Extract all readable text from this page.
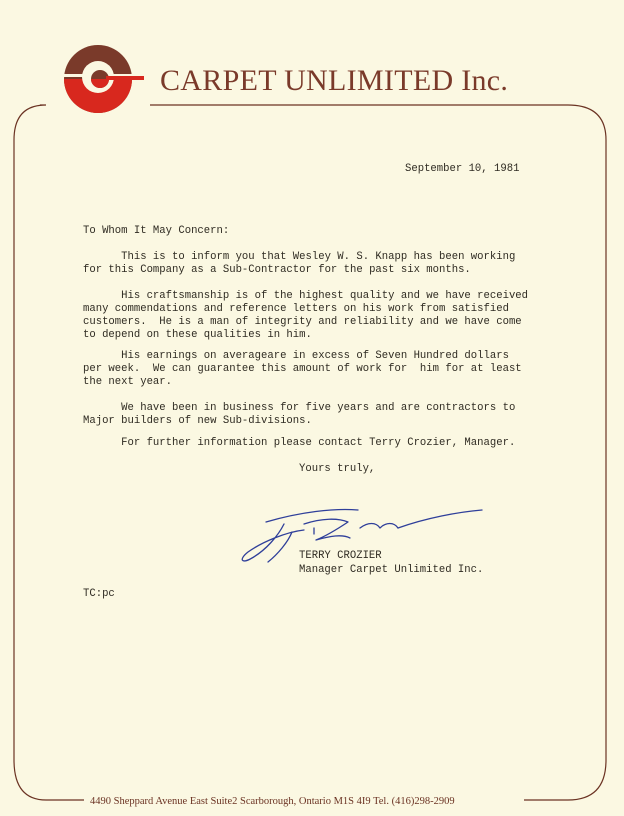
CARPET UNLIMITED Inc.
September 10, 1981
To Whom It May Concern:
This is to inform you that Wesley W. S. Knapp has been working
for this Company as a Sub-Contractor for the past six months.
His craftsmanship is of the highest quality and we have received
many commendations and reference letters on his work from satisfied
customers.  He is a man of integrity and reliability and we have come
to depend on these qualities in him.
His earnings on averageare in excess of Seven Hundred dollars
per week.  We can guarantee this amount of work for  him for at least
the next year.
We have been in business for five years and are contractors to
Major builders of new Sub-divisions.
For further information please contact Terry Crozier, Manager.
Yours truly,
TERRY CROZIER
Manager Carpet Unlimited Inc.
TC:pc
4490 Sheppard Avenue East Suite2 Scarborough, Ontario M1S 4I9 Tel. (416)298-2909
